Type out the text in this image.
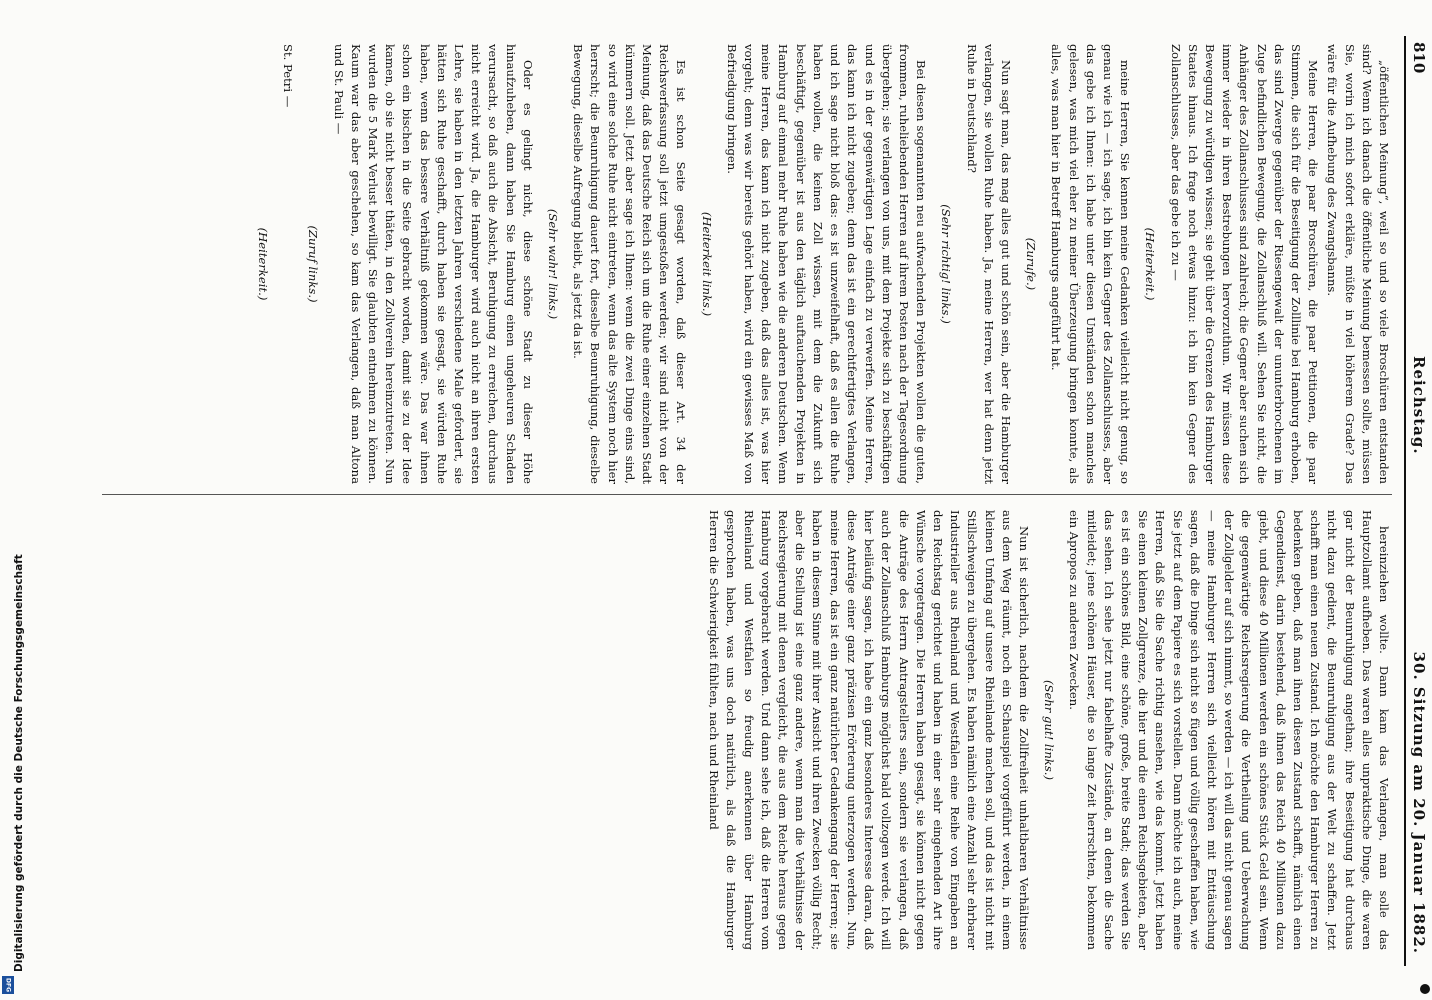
810
Reichstag.
30. Sitzung am 20. Januar 1882.

„öffentlichen Meinung“, weil so und so viele Broschüren entstanden sind? Wenn ich danach die öffentliche Meinung bemessen sollte, müssen Sie, worin ich mich sofort erkläre, müßte in viel höherem Grade? Das wäre für die Aufhebung des Zwangsbanns.

Meine Herren, die paar Broschüren, die paar Petitionen, die paar Stimmen, die sich für die Beseitigung der Zolllinie bei Hamburg erhoben, das sind Zwerge gegenüber der Riesengewalt der ununterbrochenen im Zuge befindlichen Bewegung, die Zollanschluß will. Sehen Sie nicht, die Anhänger des Zollanschlusses sind zahlreich; die Gegner aber suchen sich immer wieder in ihren Bestrebungen hervorzuthun. Wir müssen diese Bewegung zu würdigen wissen; sie geht über die Grenzen des Hamburger Staates hinaus. Ich frage noch etwas hinzu: ich bin kein Gegner des Zollanschlusses, aber das gebe ich zu —

(Heiterkeit.)

meine Herren, Sie kennen meine Gedanken vielleicht nicht genug, so genau wie ich — ich sage, ich bin kein Gegner des Zollanschlusses, aber das gebe ich Ihnen: ich habe unter diesen Umständen schon manches gelesen, was mich viel eher zu meiner Überzeugung bringen konnte, als alles, was man hier in Betreff Hamburgs angeführt hat.

(Zurufe.)

Nun sagt man, das mag alles gut und schön sein, aber die Hamburger verlangen, sie wollen Ruhe haben. Ja, meine Herren, wer hat denn jetzt Ruhe in Deutschland?

(Sehr richtig! links.)

Bei diesen sogenannten neu aufwachenden Projekten wollen die guten, frommen, ruheliebenden Herren auf ihrem Posten nach der Tagesordnung übergehen; sie verlangen von uns, mit dem Projekte sich zu beschäftigen und es in der gegenwärtigen Lage einfach zu verwerfen. Meine Herren, das kann ich nicht zugeben; denn das ist ein gerechtfertigtes Verlangen, und ich sage nicht bloß das: es ist unzweifelhaft, daß es allen die Ruhe haben wollen, die keinen Zoll wissen, mit dem die Zukunft sich beschäftigt, gegenüber ist aus den täglich auftauchenden Projekten in Hamburg auf einmal mehr Ruhe haben wie die anderen Deutschen. Wenn meine Herren, das kann ich nicht zugeben, daß das alles ist, was hier vorgeht; denn was wir bereits gehört haben, wird ein gewisses Maß von Befriedigung bringen.

(Heiterkeit links.)

Es ist schon Seite gesagt worden, daß dieser Art. 34 der Reichsverfassung soll jetzt umgestoßen werden; wir sind nicht von der Meinung, daß das Deutsche Reich sich um die Ruhe einer einzelnen Stadt kümmern soll. Jetzt aber sage ich Ihnen: wenn die zwei Dinge eins sind, so wird eine solche Ruhe nicht eintreten, wenn das alte System noch hier herrscht; die Beunruhigung dauert fort, dieselbe Beunruhigung, dieselbe Bewegung, dieselbe Aufregung bleibt, als jetzt da ist.

(Sehr wahr! links.)

Oder es gelingt nicht, diese schöne Stadt zu dieser Höhe hinaufzuheben, dann haben Sie Hamburg einen ungeheuren Schaden verursacht, so daß auch die Absicht, Beruhigung zu erreichen, durchaus nicht erreicht wird. Ja, die Hamburger wird auch nicht an ihren ersten Lehre, sie haben in den letzten Jahren verschiedene Male gefordert, sie hätten sich Ruhe geschafft, durch haben sie gesagt, sie würden Ruhe haben, wenn das bessere Verhältniß gekommen wäre. Das war ihnen schon ein bischen in die Seite gebracht worden, damit sie zu der Idee kamen, ob sie nicht besser thäten, in den Zollverein hereinzutreten. Nun wurden die 5 Mark Verlust bewilligt. Sie glaubten entnehmen zu können. Kaum war das aber geschehen, so kam das Verlangen, daß man Altona und St. Pauli —

(Zuruf links.)

St. Petri —

(Heiterkeit.)

hereinziehen wollte. Dann kam das Verlangen, man solle das Hauptzollamt aufheben. Das waren alles unpraktische Dinge, die waren gar nicht der Beunruhigung angethan; ihre Beseitigung hat durchaus nicht dazu gedient, die Beunruhigung aus der Welt zu schaffen. Jetzt schafft man einen neuen Zustand. Ich möchte den Hamburger Herren zu bedenken geben, daß man ihnen diesen Zustand schafft, nämlich einen Gegendienst, darin bestehend, daß ihnen das Reich 40 Millionen dazu giebt, und diese 40 Millionen werden ein schönes Stück Geld sein. Wenn die gegenwärtige Reichsregierung die Vertheilung und Ueberwachung der Zollgelder auf sich nimmt, so werden — ich will das nicht genau sagen — meine Hamburger Herren sich vielleicht hören mit Enttäuschung sagen, daß die Dinge sich nicht so fügen und völlig geschaffen haben, wie Sie jetzt auf dem Papiere es sich vorstellen. Dann möchte ich auch, meine Herren, daß Sie die Sache richtig ansehen, wie das kommt. Jetzt haben Sie einen kleinen Zollgrenze, die hier und die einen Reichsgebieten, aber es ist ein schönes Bild, eine schöne, große, breite Stadt; das werden Sie das sehen. Ich sehe jetzt nur fabelhafte Zustände, an denen die Sache mitleidet; jene schönen Häuser, die so lange Zeit herrschten, bekommen ein Apropos zu anderen Zwecken.

(Sehr gut! links.)

Nun ist sicherlich, nachdem die Zollfreiheit unhaltbaren Verhältnisse aus dem Weg räumt, noch ein Schauspiel vorgeführt werden, in einem kleinen Umfang auf unsere Rheinlande machen soll, und das ist nicht mit Stillschweigen zu übergehen. Es haben nämlich eine Anzahl sehr ehrbarer Industrieller aus Rheinland und Westfalen eine Reihe von Eingaben an den Reichstag gerichtet und haben in einer sehr eingehenden Art ihre Wünsche vorgetragen. Die Herren haben gesagt, sie können nicht gegen die Anträge des Herrn Antragstellers sein, sondern sie verlangen, daß auch der Zollanschluß Hamburgs möglichst bald vollzogen werde. Ich will hier beiläufig sagen, ich habe ein ganz besonderes Interesse daran, daß diese Anträge einer ganz präzisen Erörterung unterzogen werden. Nun, meine Herren, das ist ein ganz natürlicher Gedankengang der Herren; sie haben in diesem Sinne mit ihrer Ansicht und ihren Zwecken völlig Recht; aber die Stellung ist eine ganz andere, wenn man die Verhältnisse der Reichsregierung mit denen vergleicht, die aus dem Reiche heraus gegen Hamburg vorgebracht werden. Und dann sehe ich, daß die Herren vom Rheinland und Westfalen so freudig anerkennen über Hamburg gesprochen haben, was uns doch natürlich, als daß die Hamburger Herren die Schwierigkeit fühlten, nach und Rheinland

Digitalisierung gefördert durch die Deutsche Forschungsgemeinschaft
DFG
